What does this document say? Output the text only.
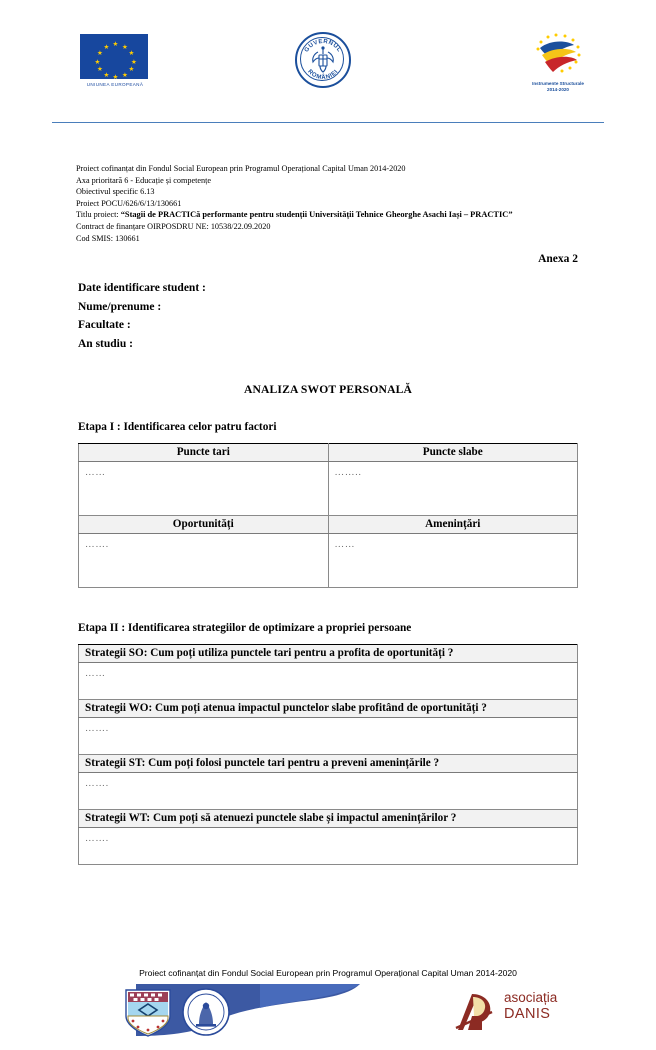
★ ★
★
★
★
★
★
★
★
★
★
★
UNIUNEA EUROPEANĂ
GUVERNUL
ROMÂNIEI
Instrumente Structurale
2014-2020
Proiect cofinanțat din Fondul Social European prin Programul Operațional Capital Uman 2014-2020
Axa prioritară 6 - Educație și competențe
Obiectivul specific 6.13
Proiect POCU/626/6/13/130661
Titlu proiect: “Stagii de PRACTICă performante pentru studenții Universității Tehnice Gheorghe Asachi Iași – PRACTIC”
Contract de finanțare OIRPOSDRU NE: 10538/22.09.2020
Cod SMIS: 130661
Anexa 2
Date identificare student :
Nume/prenume :
Facultate :
An studiu :
ANALIZA SWOT PERSONALĂ
Etapa I : Identificarea celor patru factori
Puncte tari	Puncte slabe
……	……..
Oportunități	Amenințări
…….	……
Etapa II : Identificarea strategiilor de optimizare a propriei persoane
Strategii SO: Cum poți utiliza punctele tari pentru a profita de oportunități ?
……
Strategii WO: Cum poți atenua impactul punctelor slabe profitând de oportunități ?
…….
Strategii ST: Cum poți folosi punctele tari pentru a preveni amenințările ?
…….
Strategii WT: Cum poți să atenuezi punctele slabe și impactul amenințărilor ?
…….
Proiect cofinanțat din Fondul Social European prin Programul Operațional Capital Uman 2014-2020
UNIVERSITATEA TEHNICĂ
„GHEORGHE ASACHI" DIN IAȘI
asociația
DANIS
